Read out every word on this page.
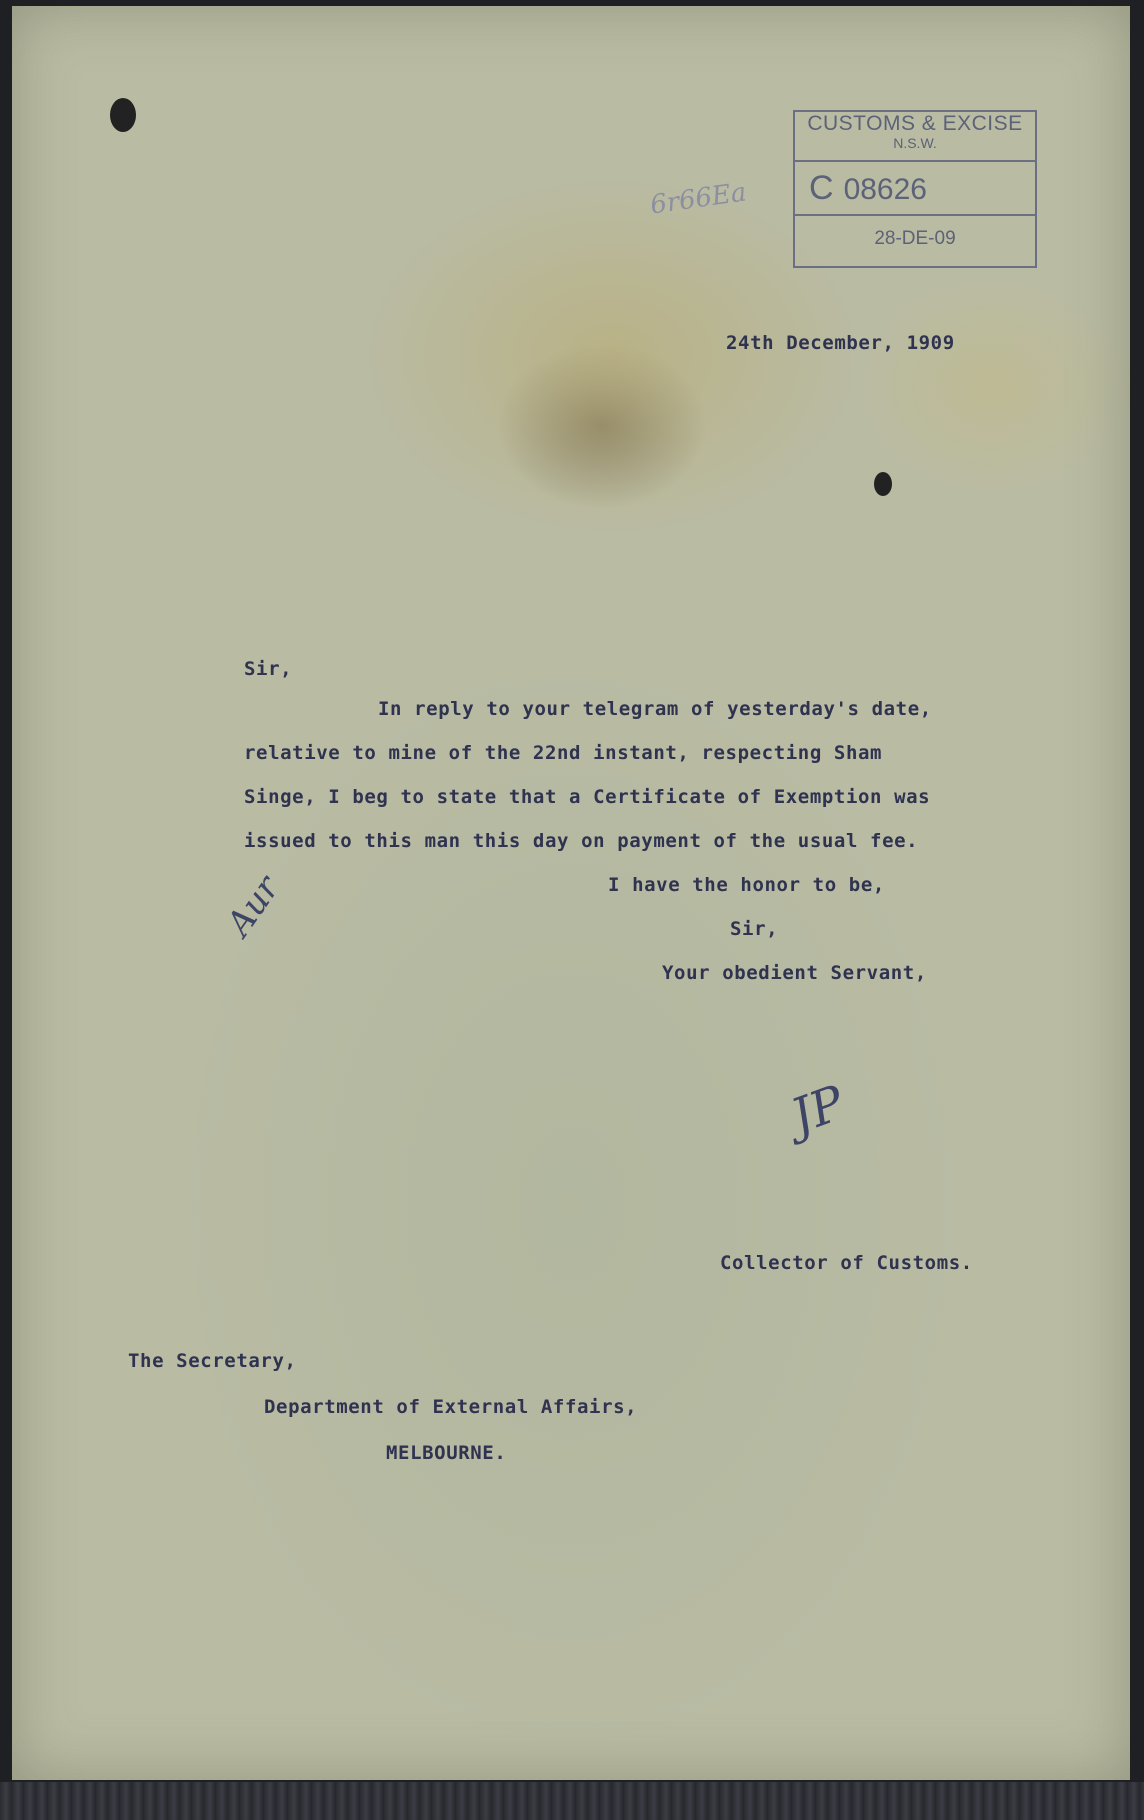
CUSTOMS & EXCISE
N.S.W.
C 08626
28-DE-09
6r66Ea
24th December, 1909
Sir,
In reply to your telegram of yesterday's date,
relative to mine of the 22nd instant, respecting Sham
Singe, I beg to state that a Certificate of Exemption was
issued to this man this day on payment of the usual fee.
I have the honor to be,
Sir,
Your obedient Servant,
Aur
JP
Collector of Customs.
The Secretary,
Department of External Affairs,
MELBOURNE.
